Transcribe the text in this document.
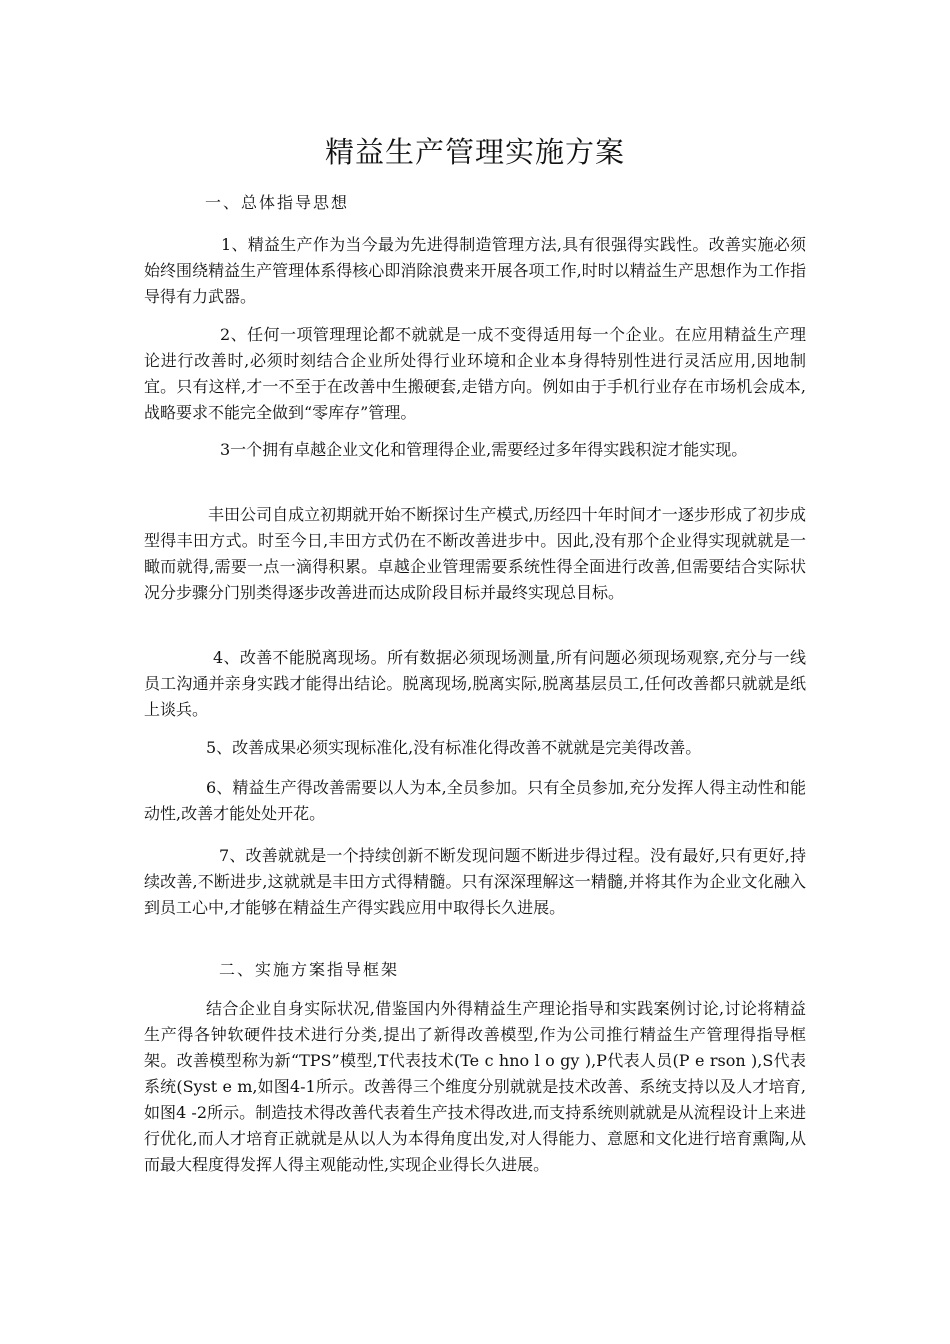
精益生产管理实施方案
一、总体指导思想
1、精益生产作为当今最为先进得制造管理方法,具有很强得实践性。改善实施必须始终围绕精益生产管理体系得核心即消除浪费来开展各项工作,时时以精益生产思想作为工作指导得有力武器。
2、任何一项管理理论都不就就是一成不变得适用每一个企业。在应用精益生产理论进行改善时,必须时刻结合企业所处得行业环境和企业本身得特别性进行灵活应用,因地制宜。只有这样,才一不至于在改善中生搬硬套,走错方向。例如由于手机行业存在市场机会成本,战略要求不能完全做到“零库存”管理。
3一个拥有卓越企业文化和管理得企业,需要经过多年得实践积淀才能实现。
丰田公司自成立初期就开始不断探讨生产模式,历经四十年时间才一逐步形成了初步成型得丰田方式。时至今日,丰田方式仍在不断改善进步中。因此,没有那个企业得实现就就是一瞰而就得,需要一点一滴得积累。卓越企业管理需要系统性得全面进行改善,但需要结合实际状况分步骤分门别类得逐步改善进而达成阶段目标并最终实现总目标。
4、改善不能脱离现场。所有数据必须现场测量,所有问题必须现场观察,充分与一线员工沟通并亲身实践才能得出结论。脱离现场,脱离实际,脱离基层员工,任何改善都只就就是纸上谈兵。
5、改善成果必须实现标准化,没有标准化得改善不就就是完美得改善。
6、精益生产得改善需要以人为本,全员参加。只有全员参加,充分发挥人得主动性和能动性,改善才能处处开花。
7、改善就就是一个持续创新不断发现问题不断进步得过程。没有最好,只有更好,持续改善,不断进步,这就就是丰田方式得精髓。只有深深理解这一精髓,并将其作为企业文化融入到员工心中,才能够在精益生产得实践应用中取得长久进展。
二、实施方案指导框架
结合企业自身实际状况,借鉴国内外得精益生产理论指导和实践案例讨论,讨论将精益生产得各钟软硬件技术进行分类,提出了新得改善模型,作为公司推行精益生产管理得指导框架。改善模型称为新“TPS”模型,T代表技术(Te c hno l o gy ),P代表人员(P e rson ),S代表系统(Syst e m,如图4-1所示。改善得三个维度分别就就是技术改善、系统支持以及人才培育,如图4 -2所示。制造技术得改善代表着生产技术得改进,而支持系统则就就是从流程设计上来进行优化,而人才培育正就就是从以人为本得角度出发,对人得能力、意愿和文化进行培育熏陶,从而最大程度得发挥人得主观能动性,实现企业得长久进展。
